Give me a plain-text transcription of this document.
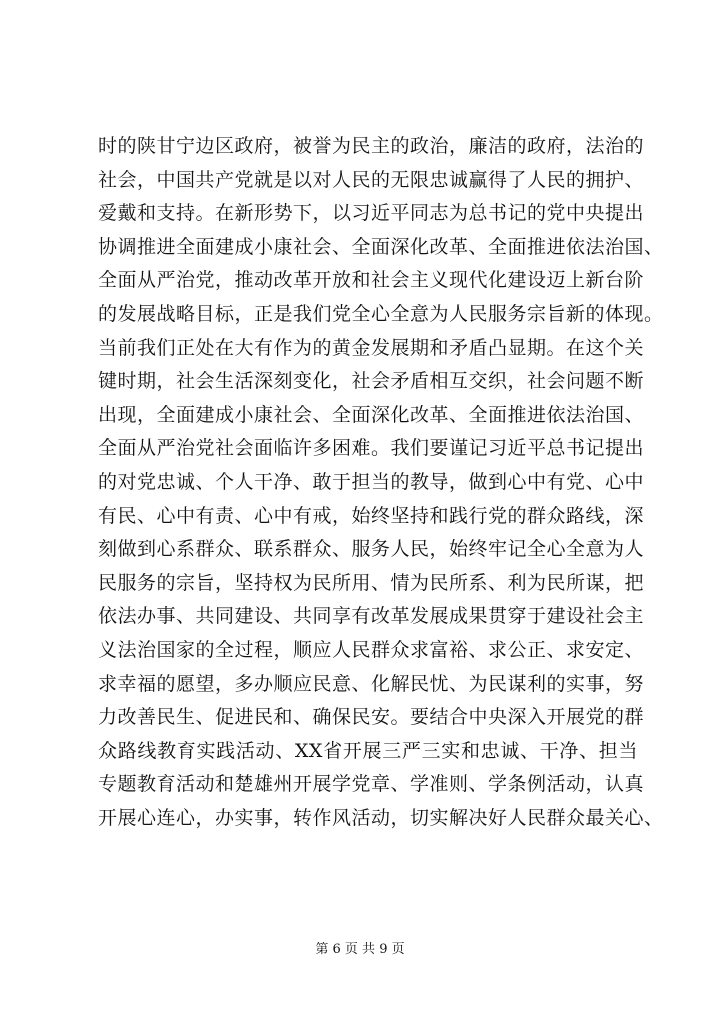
时的陕甘宁边区政府，被誉为民主的政治，廉洁的政府，法治的
社会，中国共产党就是以对人民的无限忠诚赢得了人民的拥护、
爱戴和支持。在新形势下，以习近平同志为总书记的党中央提出
协调推进全面建成小康社会、全面深化改革、全面推进依法治国、
全面从严治党，推动改革开放和社会主义现代化建设迈上新台阶
的发展战略目标，正是我们党全心全意为人民服务宗旨新的体现。
当前我们正处在大有作为的黄金发展期和矛盾凸显期。在这个关
键时期，社会生活深刻变化，社会矛盾相互交织，社会问题不断
出现，全面建成小康社会、全面深化改革、全面推进依法治国、
全面从严治党社会面临许多困难。我们要谨记习近平总书记提出
的对党忠诚、个人干净、敢于担当的教导，做到心中有党、心中
有民、心中有责、心中有戒，始终坚持和践行党的群众路线，深
刻做到心系群众、联系群众、服务人民，始终牢记全心全意为人
民服务的宗旨，坚持权为民所用、情为民所系、利为民所谋，把
依法办事、共同建设、共同享有改革发展成果贯穿于建设社会主
义法治国家的全过程，顺应人民群众求富裕、求公正、求安定、
求幸福的愿望，多办顺应民意、化解民忧、为民谋利的实事，努
力改善民生、促进民和、确保民安。要结合中央深入开展党的群
众路线教育实践活动、XX省开展三严三实和忠诚、干净、担当
专题教育活动和楚雄州开展学党章、学准则、学条例活动，认真
开展心连心，办实事，转作风活动，切实解决好人民群众最关心、
第 6 页 共 9 页
